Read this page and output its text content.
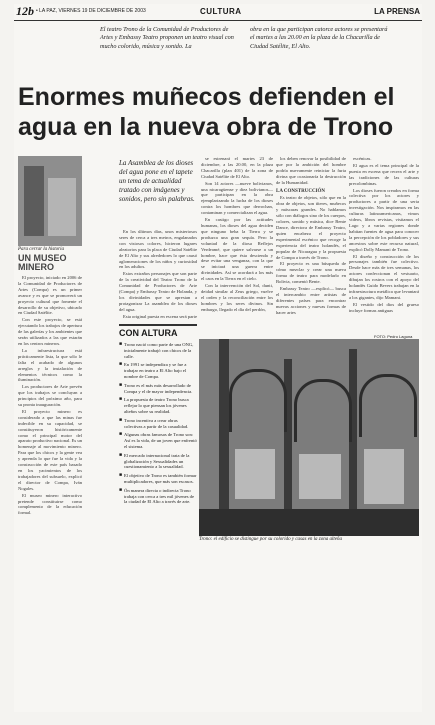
12b • LA PAZ, VIERNES 19 DE DICIEMBRE DE 2003	CULTURA	LA PRENSA
El teatro Trono de la Comunidad de Productores de Artes y Embassy Teatro proponen un teatro visual con mucho colorido, música y sonido. La
obra en la que participan catorce actores se presentará el martes a las 20.00 en la plaza de la Chacarilla de Ciudad Satélite, El Alto.
Enormes muñecos defienden el agua en la nueva obra de Trono
Para cerrar la historia
UN MUSEO MINERO

El proyecto, iniciado en 2006 de la Comunidad de Productores de Artes (Compa) es un primer avance y es que se promoverá un proyecto cultural que fomente el desarrollo de su objetivo, ubicado en Ciudad Satélite.

Con este proyecto, se está ejecutando los trabajos de apertura de las galerías y los ambientes que serán utilizados a las que estarán en los centros mineros.

La infraestructura está prácticamente lista, la que sólo le falta el acabado de algunos arreglos y la instalación de elementos técnicos como la iluminación.

Los productores de Arte prevén que los trabajos se concluyan a principios del próximo año, para su pronta inauguración.

El proyecto minero es considerado a que las minas fue indecible en su capacidad, se constituyeron históricamente como el principal motor del aparato productivo nacional. Es un homenaje al movimiento minero. Para que los chicos y la gente vea y aprenda lo que fue la vida y la construcción de este país basado en los yacimientos de los trabajadores del subsuelo, explicó el director de Compa, Iván Nogales.

El museo minero interactivo pretende constituirse como complemento de la educación formal.

La Asamblea de los dioses del agua pone en el tapete un tema de actualidad tratado con imágenes y sonidos, pero sin palabras.

En los últimos días, unos misteriosos seres de cerca a tres metros, engalanados con vistosos colores, hicieron lugares aleatorios para la placa de Ciudad Satélite de El Alto y sus alrededores lo que causó aglomeraciones de los niños y curiosidad en los adultos.

Estos extraños personajes que son parte de la creatividad del Teatro Trono de la Comunidad de Productores de Arte (Compa) y Embassy Teatro de Holanda, y los divinidades que se aprestan a protagonizar La asamblea de los dioses del agua.

Esta original puesta en escena será parte

se estrenará el martes 23 de diciembre, a las 20.00, en la plaza Chacarilla (plan 401) de la zona de Ciudad Satélite de El Alto.

Son 14 actores —nueve bolivianos, una nicaragüense y diez bolivianos— que participan en la obra ejemplarizando la lucha de los dioses contra los hombres que derrochan, contaminan y comercializan el agua.

En castigo por las actitudes humanas, los dioses del agua deciden que ninguno beba la Tierra y se produzca una gran sequía. Pero la voluntad de la diosa Reflejos Verdeamé, que quiere salvarse a un hombre, hace que ésta descienda y dese evitar una venganza, con la que se iniciará una guerra entre divinidades. Así se acordará a los más el caos en la Tierra en el cielo.

Con la intervención del Sol, dunti, deidad similar al Zeus griego, vuelve el orden y la reconciliación entre los hombres y los seres divinos. Sin embargo, llegado el día del perdón,

los deben renovar la posibilidad de que por la ambición del hombre podría nuevamente reiniciar la furia divina que ocasionaría la destrucción de la Humanidad.

LA CONSTRUCCIÓN

Es teatro de objetos, sólo que en la obra de objetos, son títeres, muñecos y máscaras grandes. No hablamos sólo con diálogos sino de los cuerpos, colores, sonido y música, dice Bente Dance, directora de Embassy Teatro, quien encabeza el proyecto experimental escénico que recoge la experiencia del teatro holandés, el popular de Nicaragua y la propuesta de Compa a través de Trono.

El proyecto es una búsqueda de cómo mezclar y crear una nueva forma de teatro para modelarlo en Bolivia, comentó Bente.

Embassy Teatro —explicó— busca el intercambio entre artistas de diferentes países para encontrar nuevas acciones y nuevas formas de hacer artes

escénicas.

El agua es el tema principal de la puesta en escena que recrea el arte y las tradiciones de las culturas precolombinas.

Los dioses fueron creados en forma colectiva por los actores y productores a partir de una seria investigación. Nos inspiramos en las culturas latinoamericanas, vimos videos, libros revistas, visitamos el Lago y a varias regiones donde habitan fuentes de agua para conocer la percepción de los pobladores y sus ancestros sobre este recurso natural, explicó Dolly Mamani de Trono.

El diseño y construcción de los personajes también fue colectivo. Desde hace más de tres semanas, los actores confeccionan el vestuario, dibujan los rostros con el apoyo del holandés Guido Bevers trabajan en la infraestructura metálica que levantará a los gigantes, dijo Mamani.

El vestido del dios del grueso incluye formas antiguas

FOTO: Pedro Laguna
CON ALTURA
■ Trono nació como parte de una ONG, inicialmente trabajó con chicos de la calle.
■ En 1991 se independiza y se fue a trabajar en teatro a El Alto bajo el nombre de Compa.
■ Trono es el más más desarrollado de Compa y el de mayor independencia.
■ La propuesta de teatro Trono busca reflejar lo que piensan los jóvenes alteños sobre su realidad.
■ Trono incentiva a crear obras colectivas a partir de la casualidad.
■ Algunas obras famosas de Trono son: Así es la vida, de un joven que enfrentó el sistema.
■ El mercado internacional trata de la globalización y Sexualidades un cuestionamiento a la sexualidad.
■ El objetivo de Trono es también formar multiplicadores, que más son escasos.
■ Ön manera directa o indirecta Trono trabaja con cerca a tres mil jóvenes de la ciudad de El Alto a través de arte.
Trono: el edificio se distingue por su colorido y casas en la zona alteña
